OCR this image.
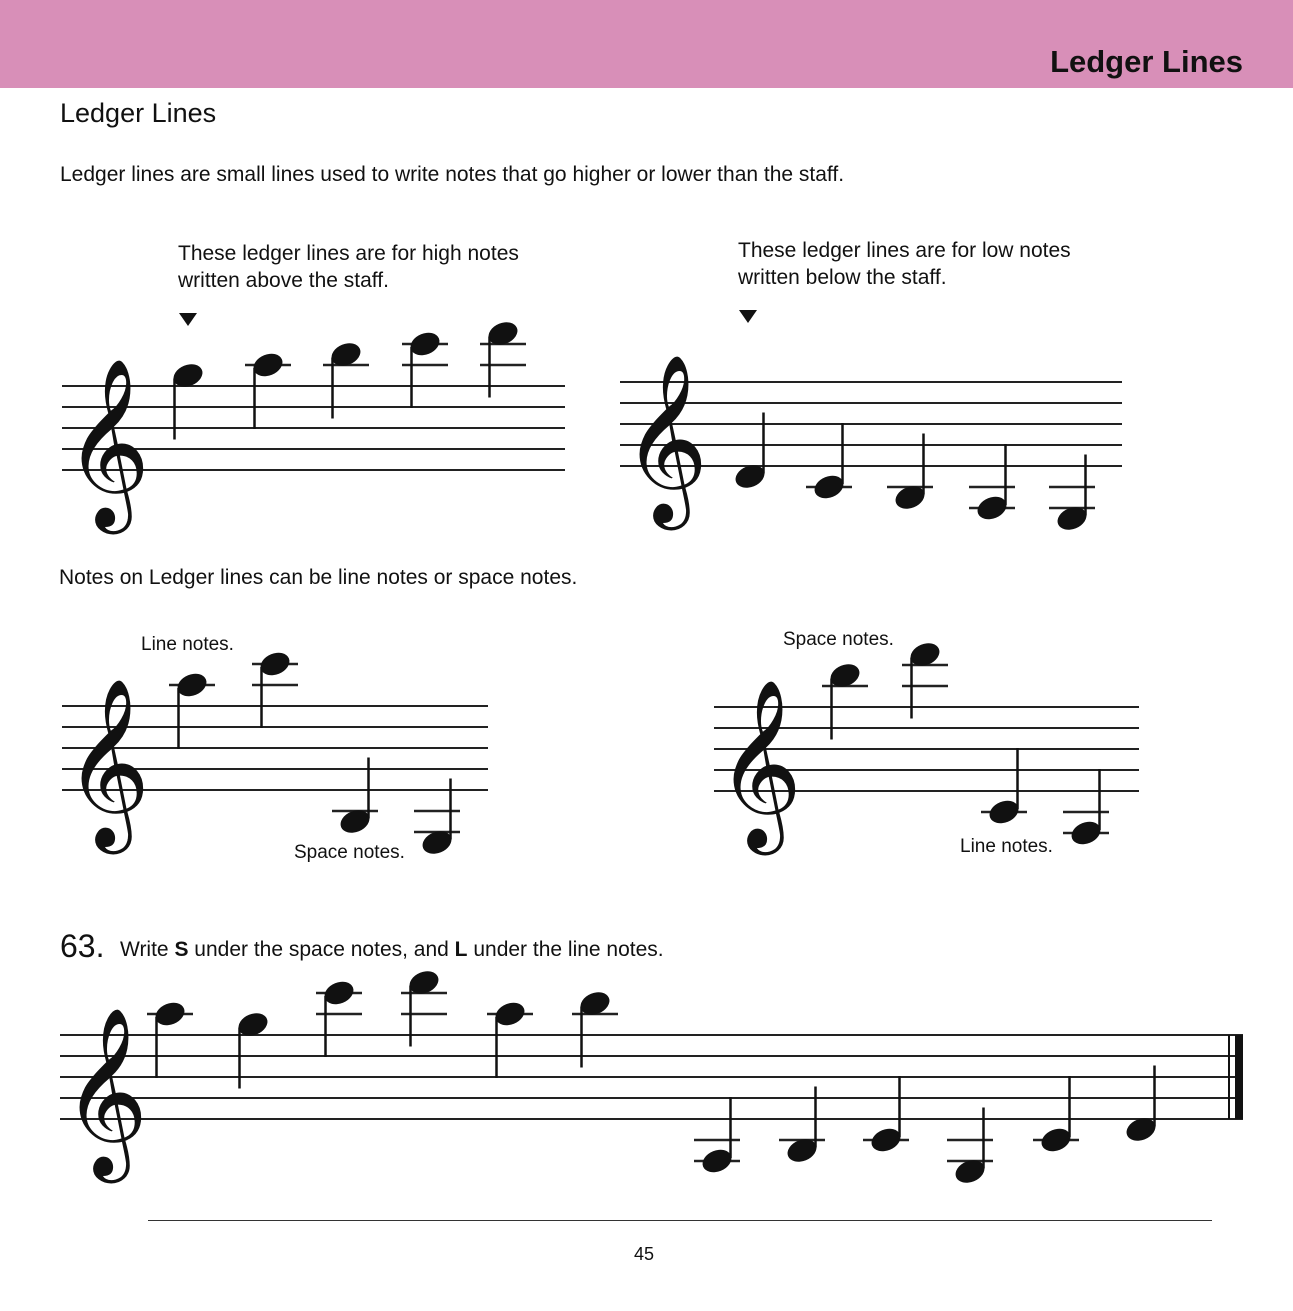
Ledger Lines
Ledger Lines
Ledger lines are small lines used to write notes that go higher or lower than the staff.
These ledger lines are for high notes written above the staff.
These ledger lines are for low notes written below the staff.
Notes on Ledger lines can be line notes or space notes.
Line notes.
Space notes.
Space notes.
Line notes.
63. Write S under the space notes, and L under the line notes.
45
𝄞	𝄞
𝄞	𝄞
𝄞
